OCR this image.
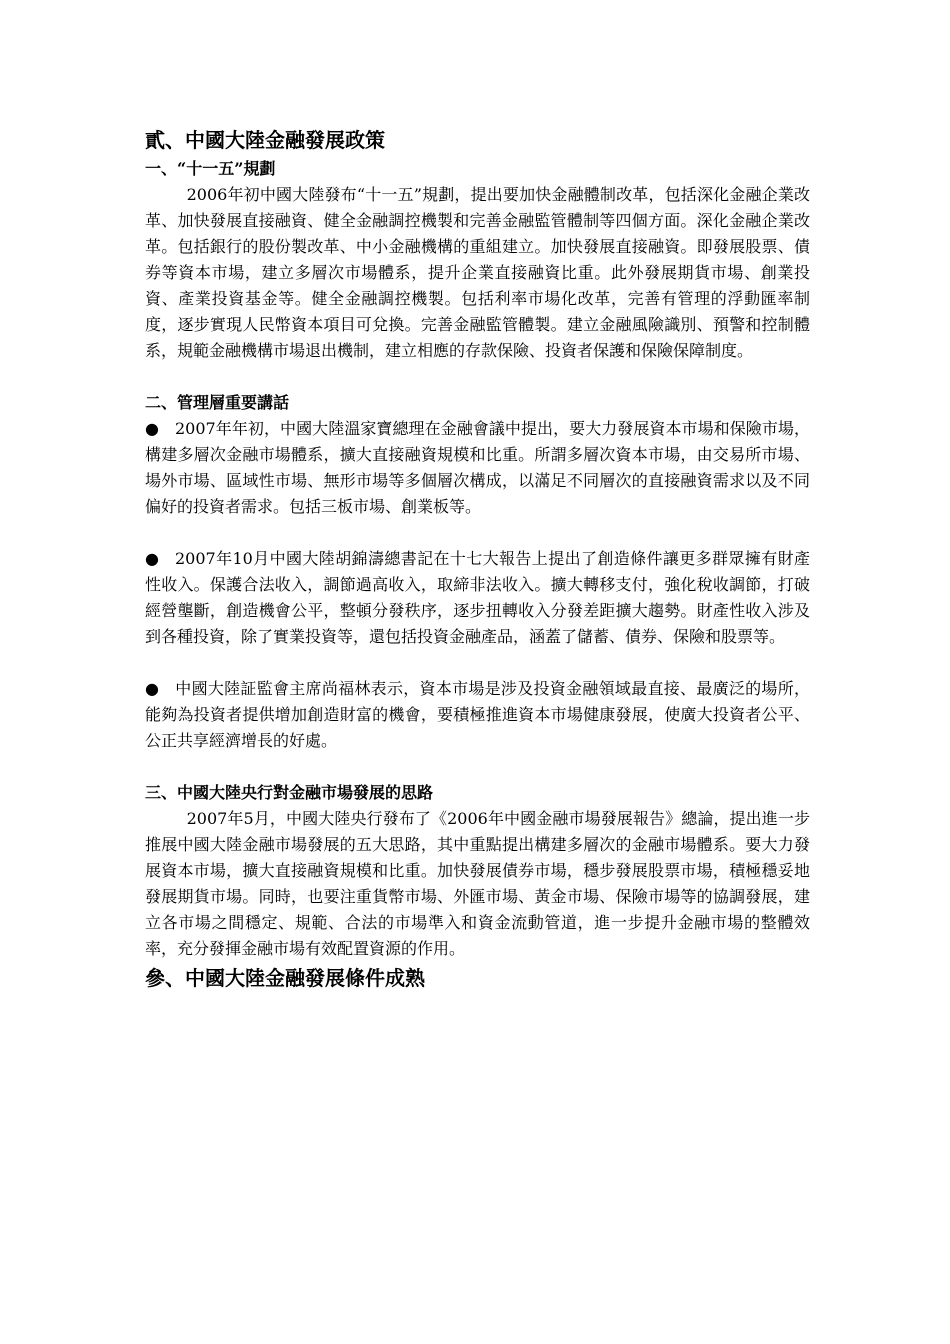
貳、中國大陸金融發展政策
一、“十一五”規劃

2006年初中國大陸發布“十一五”規劃，提出要加快金融體制改革，包括深化金融企業改革、加快發展直接融資、健全金融調控機製和完善金融監管體制等四個方面。深化金融企業改革。包括銀行的股份製改革、中小金融機構的重組建立。加快發展直接融資。即發展股票、債券等資本市場，建立多層次市場體系，提升企業直接融資比重。此外發展期貨市場、創業投資、產業投資基金等。健全金融調控機製。包括利率市場化改革，完善有管理的浮動匯率制度，逐步實現人民幣資本項目可兌換。完善金融監管體製。建立金融風險識別、預警和控制體系，規範金融機構市場退出機制，建立相應的存款保險、投資者保護和保險保障制度。

二、管理層重要講話

● 2007年年初，中國大陸溫家寶總理在金融會議中提出，要大力發展資本市場和保險市場，構建多層次金融市場體系，擴大直接融資規模和比重。所謂多層次資本市場，由交易所市場、場外市場、區域性市場、無形市場等多個層次構成，以滿足不同層次的直接融資需求以及不同偏好的投資者需求。包括三板市場、創業板等。

● 2007年10月中國大陸胡錦濤總書記在十七大報告上提出了創造條件讓更多群眾擁有財產性收入。保護合法收入，調節過高收入，取締非法收入。擴大轉移支付，強化稅收調節，打破經營壟斷，創造機會公平，整頓分發秩序，逐步扭轉收入分發差距擴大趨勢。財產性收入涉及到各種投資，除了實業投資等，還包括投資金融產品，涵蓋了儲蓄、債券、保險和股票等。

● 中國大陸証監會主席尚福林表示，資本市場是涉及投資金融領域最直接、最廣泛的場所，能夠為投資者提供增加創造財富的機會，要積極推進資本市場健康發展，使廣大投資者公平、公正共享經濟增長的好處。

三、中國大陸央行對金融市場發展的思路

2007年5月，中國大陸央行發布了《2006年中國金融市場發展報告》總論，提出進一步推展中國大陸金融市場發展的五大思路，其中重點提出構建多層次的金融市場體系。要大力發展資本市場，擴大直接融資規模和比重。加快發展債券市場，穩步發展股票市場，積極穩妥地發展期貨市場。同時，也要注重貨幣市場、外匯市場、黃金市場、保險市場等的協調發展，建立各市場之間穩定、規範、合法的市場準入和資金流動管道，進一步提升金融市場的整體效率，充分發揮金融市場有效配置資源的作用。

參、中國大陸金融發展條件成熟
